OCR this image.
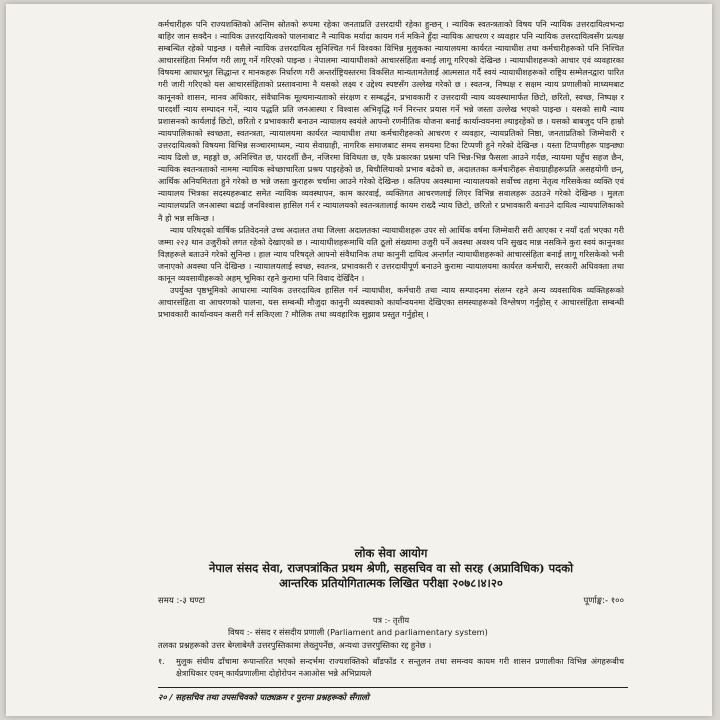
कर्मचारीहरू पनि राज्यशक्तिको अन्तिम स्रोतको रूपमा रहेका जनताप्रति उत्तरदायी रहेका हुन्छन् । न्यायिक स्वतन्त्रताको विषय पनि न्यायिक उत्तरदायित्वभन्दा बाहिर जान सक्दैन । न्यायिक उत्तरदायित्वको पालनाबाट नै न्यायिक मर्यादा कायम गर्न मकिने हुँदा न्यायिक आचरण र व्यवहार पनि न्यायिक उत्तरदायित्वसँग प्रत्यक्ष सम्बन्धित रहेको पाइन्छ । यसैले न्यायिक उत्तरदायित्व सुनिश्चित गर्न विश्वका विभिन्न मुलुकका न्यायालयमा कार्यरत न्यायाधीश तथा कर्मचारीहरूको पनि निश्चित आचारसंहिता निर्माण गरी लागू गर्ने गरिएको पाइन्छ । नेपालमा न्यायाधीशको आचारसंहिता बनाई लागू गरिएको देखिन्छ । न्यायाधीशहरूको आचार एवं व्यवहारका विषयमा आधारभूत सिद्धान्त र मानकहरू निर्धारण गरी अन्तर्राष्ट्रियस्तरमा विकसित मान्यतामतेलाई आत्मसात गर्दै स्वयं न्यायाधीशहरूको राष्ट्रिय सम्मेलनद्वारा पारित गरी जारी गरिएको यस आचारसंहिताको प्रस्तावनामा नै यसको लक्ष्य र उद्देश्य स्पष्टसँग उल्लेख गरेको छ । स्वतन्त्र, निष्पक्ष र सक्षम न्याय प्रणालीको माध्यमबाट कानूनको शासन, मानव अधिकार, संवैधानिक मूल्यमान्यताको संरक्षण र सम्बर्द्धन, प्रभावकारी र उत्तरदायी न्याय व्यवस्थामार्फत छिटो, छरितो, स्वच्छ, निष्पक्ष र पारदर्शी न्याय सम्पादन गर्ने, न्याय पद्धति प्रति जनआस्था र विश्वास अभिवृद्धि गर्न निरन्तर प्रयास गर्ने भन्ने जस्ता उल्लेख भएको पाइन्छ । यसको साथै न्याय प्रशासनको कार्यलाई छिटो, छरितो र प्रभावकारी बनाउन न्यायालय स्वयंले आफ्नो रणनीतिक योजना बनाई कार्यान्वयनमा ल्याइरहेको छ । यसको बाबजुद पनि हाम्रो न्यायपालिकाको स्वच्छता, स्वतन्त्रता, न्यायालयमा कार्यरत न्यायाधीश तथा कर्मचारीहरूको आचरण र व्यवहार, न्यायप्रतिको निष्ठा, जनताप्रतिको जिम्मेवारी र उत्तरदायित्वको विषयमा विभिन्न सञ्चारमाध्यम, न्याय सेवाग्राही, नागरिक समाजबाट समय समयमा टिका टिप्पणी हुने गरेको देखिन्छ । यस्ता टिप्पणीहरू पाइन्छ्यः न्याय ढिलो छ, महङ्गो छ, अनिश्चित छ, पारदर्शी छैन, नजिरमा विविधता छ, एकै प्रकारका प्रश्नमा पनि भिन्न-भिन्न फैसला आउने गर्दछ, न्यायमा पहुँच सहज छैन, न्यायिक स्वतन्त्रताको नाममा न्यायिक स्वेच्छाचारिता प्रश्रय पाइरहेको छ, बिचौलियाको प्रभाव बढेको छ, अदालतका कर्मचारीहरू सेवाग्राहीहरूप्रति असहयोगी छन्, आर्थिक अनियमितता हुने गरेको छ भन्ने जस्ता कुराहरू चर्चामा आउने गरेको देखिन्छ । कतिपय अवस्थामा न्यायालयको सर्वोच्च तहमा नेतृत्व गरिसकेका व्यक्ति एवं न्यायालय भित्रका सदस्यहरूबाट समेत न्यायिक व्यवस्थापन, काम कारवाई, व्यक्तिगत आचरणलाई लिएर विभिन्न सवालहरू उठाउने गरेको देखिन्छ । मुलतः न्यायालयप्रति जनआस्था बढाई जनविश्वास हासिल गर्न र न्यायालयको स्वतन्त्रतालाई कायम राख्दै न्याय छिटो, छरितो र प्रभावकारी बनाउने दायित्व न्यायपालिकाको नै हो भन्न सकिन्छ ।

न्याय परिषद्को वार्षिक प्रतिवेदनले उच्च अदालत तथा जिल्ला अदालतका न्यायाधीशहरू उपर सो आर्थिक वर्षमा जिम्मेवारी सरी आएका र नयाँ दर्ता भएका गरी जम्मा २२३ थान उजुरीको लगत रहेको देखाएको छ । न्यायाधीशहरूमाथि यति ठूलो संख्यामा उजुरी पर्ने अवस्था अवश्य पनि सुखद मान्न नसकिने कुरा स्वयं कानूनका विज्ञहरूले बताउने गरेको सुनिन्छ । हाल न्याय परिषद्ले आफ्नो संवैधानिक तथा कानुनी दायित्व अन्तर्गत न्यायाधीशहरूको आचारसंहिता बनाई लागू गरिसकेको भनी जनाएको अवस्था पनि देखिन्छ । न्यायालयलाई स्वच्छ, स्वतन्त्र, प्रभावकारी र उत्तरदायीपूर्ण बनाउने कुरामा न्यायालयमा कार्यरत कर्मचारी, सरकारी अधिवक्ता तथा कानून व्यवसायीहरूको अहम् भूमिका रहने कुरामा पनि विवाद देखिँदैन ।

उपर्युक्त पृष्ठभूमिको आधारमा न्यायिक उत्तरदायित्व हासिल गर्न न्यायाधीश, कर्मचारी तथा न्याय सम्पादनमा संलग्न रहने अन्य व्यवसायिक व्यक्तिहरूको आचारसंहिता वा आचरणको पालना, यस सम्बन्धी मौजुदा कानुनी व्यवस्थाको कार्यान्वयनमा देखिएका समस्याहरूको विश्लेषण गर्नुहोस् र आचारसंहिता सम्बन्धी प्रभावकारी कार्यान्वयन कसरी गर्न सकिएला ? मौलिक तथा व्यवहारिक सुझाव प्रस्तुत गर्नुहोस् ।

लोक सेवा आयोग
नेपाल संसद सेवा, राजपत्रांकित प्रथम श्रेणी, सहसचिव वा सो सरह (अप्राविधिक) पदको
आन्तरिक प्रतियोगितात्मक लिखित परीक्षा २०७८।४।२०
समय :-३ घण्टा	पूर्णाङ्क:- १००
पत्र :- तृतीय
विषय :- संसद र संसदीय प्रणाली (Parliament and parliamentary system)
तलका प्रश्नहरूको उत्तर बेग्लाबेग्लै उत्तरपुस्तिकामा लेख्नुपर्नेछ, अन्यथा उत्तरपुस्तिका रद्द हुनेछ ।
१.	मुलुक संघीय ढाँचामा रूपान्तरित भएको सन्दर्भमा राज्यशक्तिको बाँडफाँड र सन्तुलन तथा समन्वय कायम गरी शासन प्रणालीका विभिन्न अंगहरूबीच क्षेत्राधिकार एवम् कार्यप्रणालीमा दोहोरोपन नआओस भन्ने अभिप्रायले
२० / सहसचिव तथा उपसचिवको पाठ्यक्रम र पुराना प्रश्नहरूको सँगालो
